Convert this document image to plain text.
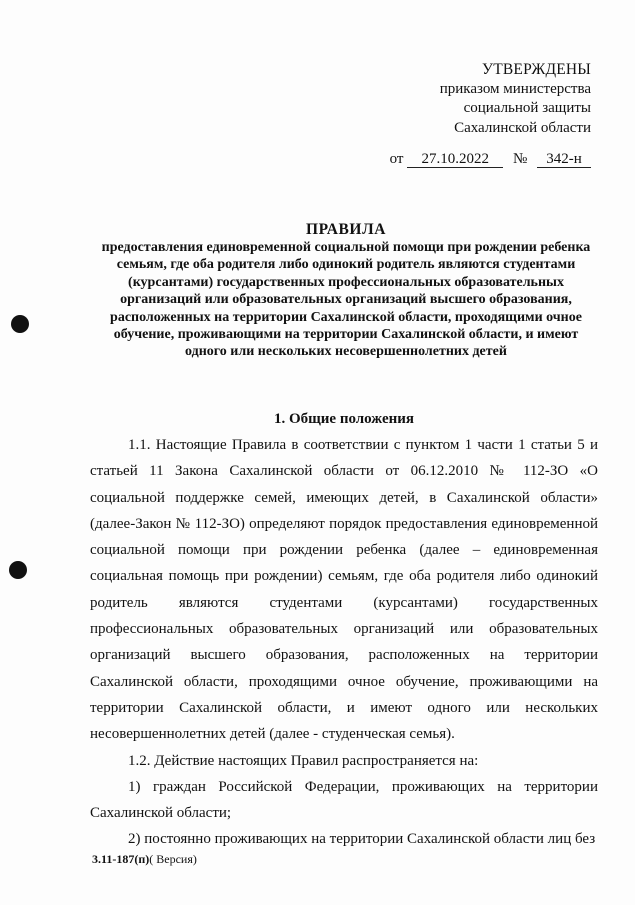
УТВЕРЖДЕНЫ
приказом министерства
социальной защиты
Сахалинской области
от 27.10.2022 № 342-н
ПРАВИЛА
предоставления единовременной социальной помощи при рождении ребенка семьям, где оба родителя либо одинокий родитель являются студентами (курсантами) государственных профессиональных образовательных организаций или образовательных организаций высшего образования, расположенных на территории Сахалинской области, проходящими очное обучение, проживающими на территории Сахалинской области, и имеют одного или нескольких несовершеннолетних детей
1. Общие положения

1.1. Настоящие Правила в соответствии с пунктом 1 части 1 статьи 5 и статьей 11 Закона Сахалинской области от 06.12.2010 № 112-ЗО «О социальной поддержке семей, имеющих детей, в Сахалинской области» (далее-Закон № 112-ЗО) определяют порядок предоставления единовременной социальной помощи при рождении ребенка (далее – единовременная социальная помощь при рождении) семьям, где оба родителя либо одинокий родитель являются студентами (курсантами) государственных профессиональных образовательных организаций или образовательных организаций высшего образования, расположенных на территории Сахалинской области, проходящими очное обучение, проживающими на территории Сахалинской области, и имеют одного или нескольких несовершеннолетних детей (далее - студенческая семья).

1.2. Действие настоящих Правил распространяется на:

1) граждан Российской Федерации, проживающих на территории Сахалинской области;

2) постоянно проживающих на территории Сахалинской области лиц без

3.11-187(п)( Версия)
